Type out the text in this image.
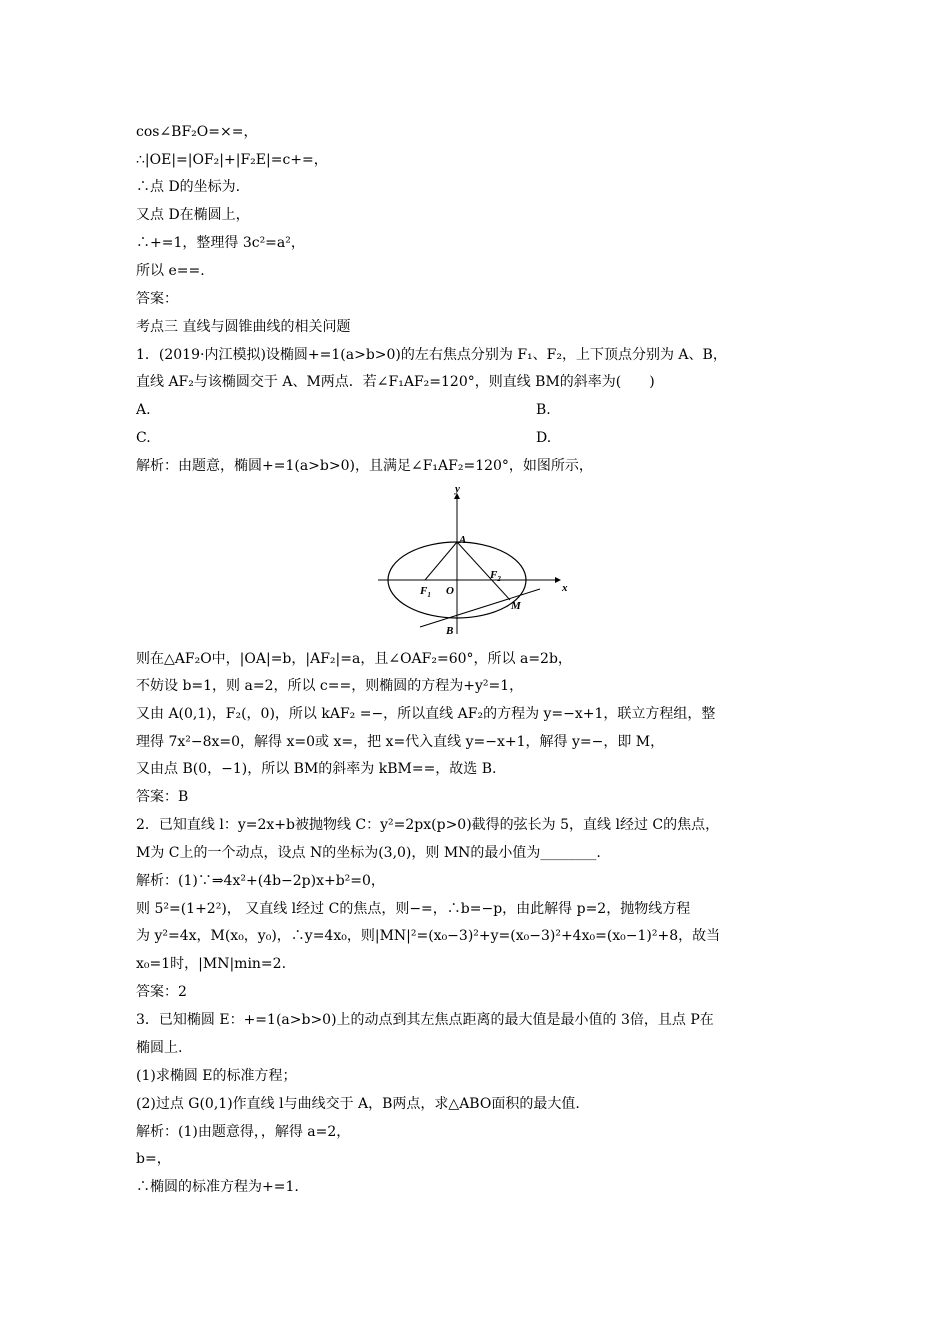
cos∠BF₂O=×=，
∴|OE|=|OF₂|+|F₂E|=c+=，
∴点 D的坐标为.
又点 D在椭圆上，
∴+=1，整理得 3c²=a²，
所以 e==.
答案：
考点三 直线与圆锥曲线的相关问题
1．(2019·内江模拟)设椭圆+=1(a>b>0)的左右焦点分别为 F₁、F₂，上下顶点分别为 A、B，
直线 AF₂与该椭圆交于 A、M两点．若∠F₁AF₂=120°，则直线 BM的斜率为(　　)
A.	B.
C.	D.
解析：由题意，椭圆+=1(a>b>0)，且满足∠F₁AF₂=120°，如图所示，
y
x
A
B
O
$F_1$
$F_2$
M
则在△AF₂O中，|OA|=b，|AF₂|=a，且∠OAF₂=60°，所以 a=2b，
不妨设 b=1，则 a=2，所以 c==，则椭圆的方程为+y²=1，
又由 A(0,1)，F₂(，0)，所以 kAF₂ =−，所以直线 AF₂的方程为 y=−x+1，联立方程组，整
理得 7x²−8x=0，解得 x=0或 x=，把 x=代入直线 y=−x+1，解得 y=−，即 M，
又由点 B(0，−1)，所以 BM的斜率为 kBM==，故选 B.
答案：B
2．已知直线 l：y=2x+b被抛物线 C：y²=2px(p>0)截得的弦长为 5，直线 l经过 C的焦点，
M为 C上的一个动点，设点 N的坐标为(3,0)，则 MN的最小值为________.
解析：(1)∵⇒4x²+(4b−2p)x+b²=0，
则 5²=(1+2²)， 又直线 l经过 C的焦点，则−=，∴b=−p，由此解得 p=2，抛物线方程
为 y²=4x，M(x₀，y₀)，∴y=4x₀，则|MN|²=(x₀−3)²+y=(x₀−3)²+4x₀=(x₀−1)²+8，故当
x₀=1时，|MN|min=2.
答案：2
3．已知椭圆 E：+=1(a>b>0)上的动点到其左焦点距离的最大值是最小值的 3倍，且点 P在
椭圆上.
(1)求椭圆 E的标准方程；
(2)过点 G(0,1)作直线 l与曲线交于 A，B两点，求△ABO面积的最大值.
解析：(1)由题意得，，解得 a=2，
b=，
∴椭圆的标准方程为+=1.
